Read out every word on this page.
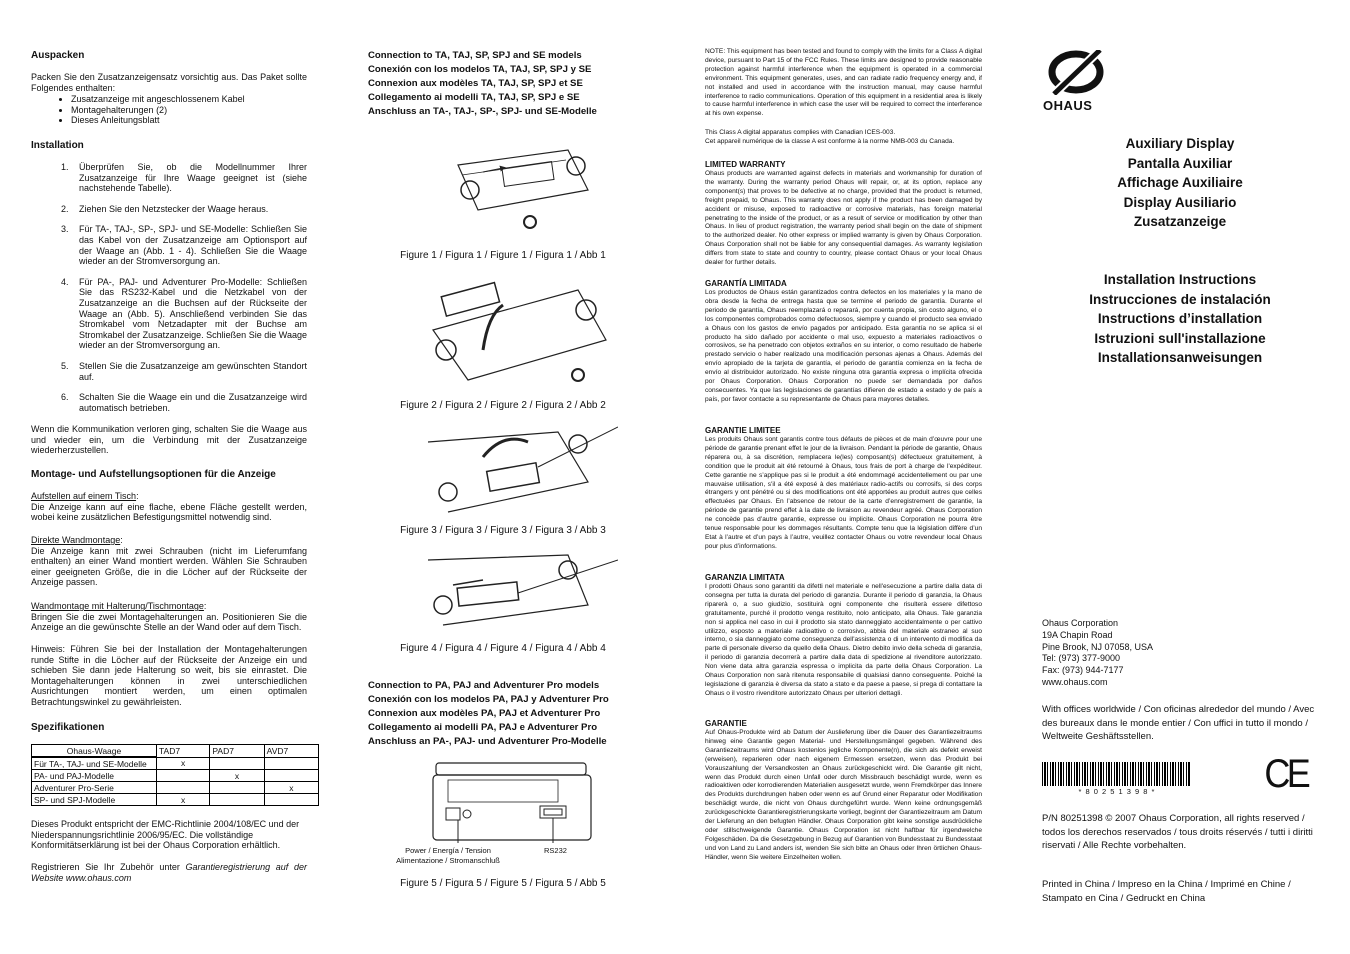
Auspacken

Packen Sie den Zusatzanzeigensatz vorsichtig aus. Das Paket sollte Folgendes enthalten:

• Zusatzanzeige mit angeschlossenem Kabel
• Montagehalterungen (2)
• Dieses Anleitungsblatt

Installation

1. Überprüfen Sie, ob die Modellnummer Ihrer Zusatzanzeige für Ihre Waage geeignet ist (siehe nachstehende Tabelle).
2. Ziehen Sie den Netzstecker der Waage heraus.
3. Für TA-, TAJ-, SP-, SPJ- und SE-Modelle: Schließen Sie das Kabel von der Zusatzanzeige am Optionsport auf der Waage an (Abb. 1 - 4). Schließen Sie die Waage wieder an der Stromversorgung an.
4. Für PA-, PAJ- und Adventurer Pro-Modelle: Schließen Sie das RS232-Kabel und die Netzkabel von der Zusatzanzeige an die Buchsen auf der Rückseite der Waage an (Abb. 5). Anschließend verbinden Sie das Stromkabel vom Netzadapter mit der Buchse am Stromkabel der Zusatzanzeige. Schließen Sie die Waage wieder an der Stromversorgung an.
5. Stellen Sie die Zusatzanzeige am gewünschten Standort auf.
6. Schalten Sie die Waage ein und die Zusatzanzeige wird automatisch betrieben.

Wenn die Kommunikation verloren ging, schalten Sie die Waage aus und wieder ein, um die Verbindung mit der Zusatzanzeige wiederherzustellen.

Montage- und Aufstellungsoptionen für die Anzeige

Aufstellen auf einem Tisch:
Die Anzeige kann auf eine flache, ebene Fläche gestellt werden, wobei keine zusätzlichen Befestigungsmittel notwendig sind.

Direkte Wandmontage:
Die Anzeige kann mit zwei Schrauben (nicht im Lieferumfang enthalten) an einer Wand montiert werden. Wählen Sie Schrauben einer geeigneten Größe, die in die Löcher auf der Rückseite der Anzeige passen.

Wandmontage mit Halterung/Tischmontage:
Bringen Sie die zwei Montagehalterungen an. Positionieren Sie die Anzeige an die gewünschte Stelle an der Wand oder auf dem Tisch.

Hinweis: Führen Sie bei der Installation der Montagehalterungen runde Stifte in die Löcher auf der Rückseite der Anzeige ein und schieben Sie dann jede Halterung so weit, bis sie einrastet. Die Montagehalterungen können in zwei unterschiedlichen Ausrichtungen montiert werden, um einen optimalen Betrachtungswinkel zu gewährleisten.

Spezifikationen

Ohaus-Waage	TAD7	PAD7	AVD7
Für TA-, TAJ- und SE-Modelle	x		
PA- und PAJ-Modelle		x	
Adventurer Pro-Serie			x
SP- und SPJ-Modelle	x		

Dieses Produkt entspricht der EMC-Richtlinie 2004/108/EC und der Niederspannungsrichtlinie 2006/95/EC. Die vollständige Konformitätserklärung ist bei der Ohaus Corporation erhältlich.

Registrieren Sie Ihr Zubehör unter Garantieregistrierung auf der Website www.ohaus.com

Connection to TA, TAJ, SP, SPJ and SE models
Conexión con los modelos TA, TAJ, SP, SPJ y SE
Connexion aux modèles TA, TAJ, SP, SPJ et SE
Collegamento ai modelli TA, TAJ, SP, SPJ e SE
Anschluss an TA-, TAJ-, SP-, SPJ- und SE-Modelle
Figure 1 / Figura 1 / Figure 1 / Figura 1 / Abb 1
Figure 2 / Figura 2 / Figure 2 / Figura 2 / Abb 2
Figure 3 / Figura 3 / Figure 3 / Figura 3 / Abb 3
Figure 4 / Figura 4 / Figure 4 / Figura 4 / Abb 4
Connection to PA, PAJ and Adventurer Pro models
Conexión con los modelos PA, PAJ y Adventurer Pro
Connexion aux modèles PA, PAJ et Adventurer Pro
Collegamento ai modelli PA, PAJ e Adventurer Pro
Anschluss an PA-, PAJ- und Adventurer Pro-Modelle
Power / Energía / Tension
Alimentazione / Stromanschluß
RS232
Figure 5 / Figura 5 / Figure 5 / Figura 5 / Abb 5

NOTE: This equipment has been tested and found to comply with the limits for a Class A digital device, pursuant to Part 15 of the FCC Rules. These limits are designed to provide reasonable protection against harmful interference when the equipment is operated in a commercial environment. This equipment generates, uses, and can radiate radio frequency energy and, if not installed and used in accordance with the instruction manual, may cause harmful interference to radio communications. Operation of this equipment in a residential area is likely to cause harmful interference in which case the user will be required to correct the interference at his own expense.

This Class A digital apparatus complies with Canadian ICES-003.
Cet appareil numérique de la classe A est conforme à la norme NMB-003 du Canada.

LIMITED WARRANTY

Ohaus products are warranted against defects in materials and workmanship for duration of the warranty. During the warranty period Ohaus will repair, or, at its option, replace any component(s) that proves to be defective at no charge, provided that the product is returned, freight prepaid, to Ohaus. This warranty does not apply if the product has been damaged by accident or misuse, exposed to radioactive or corrosive materials, has foreign material penetrating to the inside of the product, or as a result of service or modification by other than Ohaus. In lieu of product registration, the warranty period shall begin on the date of shipment to the authorized dealer. No other express or implied warranty is given by Ohaus Corporation. Ohaus Corporation shall not be liable for any consequential damages. As warranty legislation differs from state to state and country to country, please contact Ohaus or your local Ohaus dealer for further details.

GARANTÍA LIMITADA

Los productos de Ohaus están garantizados contra defectos en los materiales y la mano de obra desde la fecha de entrega hasta que se termine el periodo de garantía. Durante el periodo de garantía, Ohaus reemplazará o reparará, por cuenta propia, sin costo alguno, el o los componentes comprobados como defectuosos, siempre y cuando el producto sea enviado a Ohaus con los gastos de envío pagados por anticipado. Esta garantía no se aplica si el producto ha sido dañado por accidente o mal uso, expuesto a materiales radioactivos o corrosivos, se ha penetrado con objetos extraños en su interior, o como resultado de haberle prestado servicio o haber realizado una modificación personas ajenas a Ohaus. Además del envío apropiado de la tarjeta de garantía, el periodo de garantía comienza en la fecha de envío al distribuidor autorizado. No existe ninguna otra garantía expresa o implícita ofrecida por Ohaus Corporation. Ohaus Corporation no puede ser demandada por daños consecuentes. Ya que las legislaciones de garantías difieren de estado a estado y de país a país, por favor contacte a su representante de Ohaus para mayores detalles.

GARANTIE LIMITEE

Les produits Ohaus sont garantis contre tous défauts de pièces et de main d’œuvre pour une période de garantie prenant effet le jour de la livraison. Pendant la période de garantie, Ohaus réparera ou, à sa discrétion, remplacera le(les) composant(s) défectueux gratuitement, à condition que le produit ait été retourné à Ohaus, tous frais de port à charge de l'expéditeur. Cette garantie ne s’applique pas si le produit a été endommagé accidentellement ou par une mauvaise utilisation, s'il a été exposé à des matériaux radio-actifs ou corrosifs, si des corps étrangers y ont pénétré ou si des modifications ont été apportées au produit autres que celles effectuées par Ohaus. En l’absence de retour de la carte d’enregistrement de garantie, la période de garantie prend effet à la date de livraison au revendeur agréé. Ohaus Corporation ne concède pas d’autre garantie, expresse ou implicite. Ohaus Corporation ne pourra être tenue responsable pour les dommages résultants. Compte tenu que la législation diffère d’un Etat à l’autre et d’un pays à l’autre, veuillez contacter Ohaus ou votre revendeur local Ohaus pour plus d’informations.

GARANZIA LIMITATA

I prodotti Ohaus sono garantiti da difetti nel materiale e nell'esecuzione a partire dalla data di consegna per tutta la durata del periodo di garanzia. Durante il periodo di garanzia, la Ohaus riparerà o, a suo giudizio, sostituirà ogni componente che risulterà essere difettoso gratuitamente, purché il prodotto venga restituito, nolo anticipato, alla Ohaus. Tale garanzia non si applica nel caso in cui il prodotto sia stato danneggiato accidentalmente o per cattivo utilizzo, esposto a materiale radioattivo o corrosivo, abbia del materiale estraneo al suo interno, o sia danneggiato come conseguenza dell'assistenza o di un intervento di modifica da parte di personale diverso da quello della Ohaus. Dietro debito invio della scheda di garanzia, il periodo di garanzia decorrerà a partire dalla data di spedizione al rivenditore autorizzato. Non viene data altra garanzia espressa o implicita da parte della Ohaus Corporation. La Ohaus Corporation non sarà ritenuta responsabile di qualsiasi danno conseguente. Poiché la legislazione di garanzia è diversa da stato a stato e da paese a paese, si prega di contattare la Ohaus o il vostro rivenditore autorizzato Ohaus per ulteriori dettagli.

GARANTIE

Auf Ohaus-Produkte wird ab Datum der Auslieferung über die Dauer des Garantiezeitraums hinweg eine Garantie gegen Material- und Herstellungsmängel gegeben. Während des Garantiezeitraums wird Ohaus kostenlos jegliche Komponente(n), die sich als defekt erweist (erweisen), reparieren oder nach eigenem Ermessen ersetzen, wenn das Produkt bei Vorauszahlung der Versandkosten an Ohaus zurückgeschickt wird. Die Garantie gilt nicht, wenn das Produkt durch einen Unfall oder durch Missbrauch beschädigt wurde, wenn es radioaktiven oder korrodierenden Materialien ausgesetzt wurde, wenn Fremdkörper das Innere des Produkts durchdrungen haben oder wenn es auf Grund einer Reparatur oder Modifikation beschädigt wurde, die nicht von Ohaus durchgeführt wurde. Wenn keine ordnungsgemäß zurückgeschickte Garantieregistrierungskarte vorliegt, beginnt der Garantiezeitraum am Datum der Lieferung an den befugten Händler. Ohaus Corporation gibt keine sonstige ausdrückliche oder stillschweigende Garantie. Ohaus Corporation ist nicht haftbar für irgendwelche Folgeschäden. Da die Gesetzgebung in Bezug auf Garantien von Bundesstaat zu Bundesstaat und von Land zu Land anders ist, wenden Sie sich bitte an Ohaus oder Ihren örtlichen Ohaus-Händler, wenn Sie weitere Einzelheiten wollen.

OHAUS
Auxiliary Display
Pantalla Auxiliar
Affichage Auxiliaire
Display Ausiliario
Zusatzanzeige
Installation Instructions
Instrucciones de instalación
Instructions d’installation
Istruzioni sull'installazione
Installationsanweisungen
Ohaus Corporation
19A Chapin Road
Pine Brook, NJ 07058, USA
Tel: (973) 377-9000
Fax: (973) 944-7177
www.ohaus.com
With offices worldwide / Con oficinas alrededor del mundo / Avec des bureaux dans le monde entier / Con uffici in tutto il mondo / Weltweite Geshäftsstellen.
* 8 0 2 5 1 3 9 8 *	CE
P/N 80251398 © 2007 Ohaus Corporation, all rights reserved / todos los derechos reservados / tous droits réservés / tutti i diritti riservati / Alle Rechte vorbehalten.
Printed in China / Impreso en la China / Imprimé en Chine / Stampato en Cina / Gedruckt en China
